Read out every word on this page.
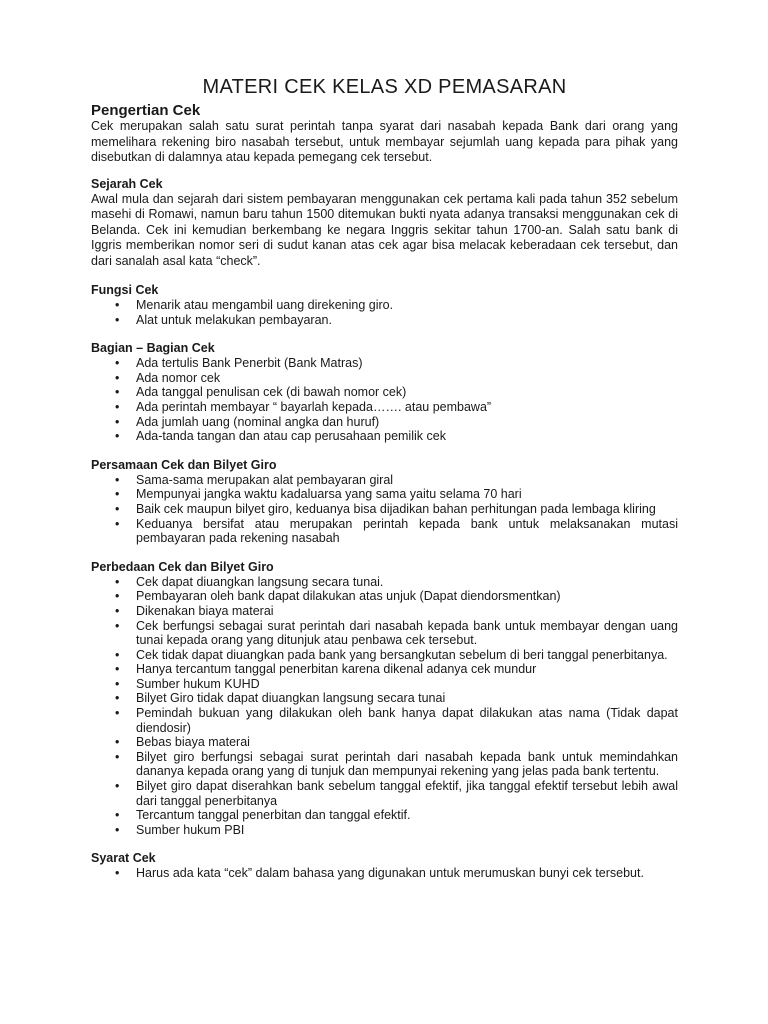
MATERI CEK KELAS XD PEMASARAN
Pengertian Cek

Cek merupakan salah satu surat perintah tanpa syarat dari nasabah kepada Bank dari orang yang memelihara rekening biro nasabah tersebut, untuk membayar sejumlah uang kepada para pihak yang disebutkan di dalamnya atau kepada pemegang cek tersebut.

Sejarah Cek

Awal mula dan sejarah dari sistem pembayaran menggunakan cek pertama kali pada tahun 352 sebelum masehi di Romawi, namun baru tahun 1500 ditemukan bukti nyata adanya transaksi menggunakan cek di Belanda. Cek ini kemudian berkembang ke negara Inggris sekitar tahun 1700-an. Salah satu bank di Iggris memberikan nomor seri di sudut kanan atas cek agar bisa melacak keberadaan cek tersebut, dan dari sanalah asal kata “check”.

Fungsi Cek
• Menarik atau mengambil uang direkening giro.
• Alat untuk melakukan pembayaran.
Bagian – Bagian Cek
• Ada tertulis Bank Penerbit (Bank Matras)
• Ada nomor cek
• Ada tanggal penulisan cek (di bawah nomor cek)
• Ada perintah membayar “ bayarlah kepada……. atau pembawa”
• Ada jumlah uang (nominal angka dan huruf)
• Ada-tanda tangan dan atau cap perusahaan pemilik cek
Persamaan Cek dan Bilyet Giro
• Sama-sama merupakan alat pembayaran giral
• Mempunyai jangka waktu kadaluarsa yang sama yaitu selama 70 hari
• Baik cek maupun bilyet giro, keduanya bisa dijadikan bahan perhitungan pada lembaga kliring
• Keduanya bersifat atau merupakan perintah kepada bank untuk melaksanakan mutasi pembayaran pada rekening nasabah
Perbedaan Cek dan Bilyet Giro
• Cek dapat diuangkan langsung secara tunai.
• Pembayaran oleh bank dapat dilakukan atas unjuk (Dapat diendorsmentkan)
• Dikenakan biaya materai
• Cek berfungsi sebagai surat perintah dari nasabah kepada bank untuk membayar dengan uang tunai kepada orang yang ditunjuk atau penbawa cek tersebut.
• Cek tidak dapat diuangkan pada bank yang bersangkutan sebelum di beri tanggal penerbitanya.
• Hanya tercantum tanggal penerbitan karena dikenal adanya cek mundur
• Sumber hukum KUHD
• Bilyet Giro tidak dapat diuangkan langsung secara tunai
• Pemindah bukuan yang dilakukan oleh bank hanya dapat dilakukan atas nama (Tidak dapat diendosir)
• Bebas biaya materai
• Bilyet giro berfungsi sebagai surat perintah dari nasabah kepada bank untuk memindahkan dananya kepada orang yang di tunjuk dan mempunyai rekening yang jelas pada bank tertentu.
• Bilyet giro dapat diserahkan bank sebelum tanggal efektif, jika tanggal efektif tersebut lebih awal dari tanggal penerbitanya
• Tercantum tanggal penerbitan dan tanggal efektif.
• Sumber hukum PBI
Syarat Cek
• Harus ada kata “cek” dalam bahasa yang digunakan untuk merumuskan bunyi cek tersebut.
